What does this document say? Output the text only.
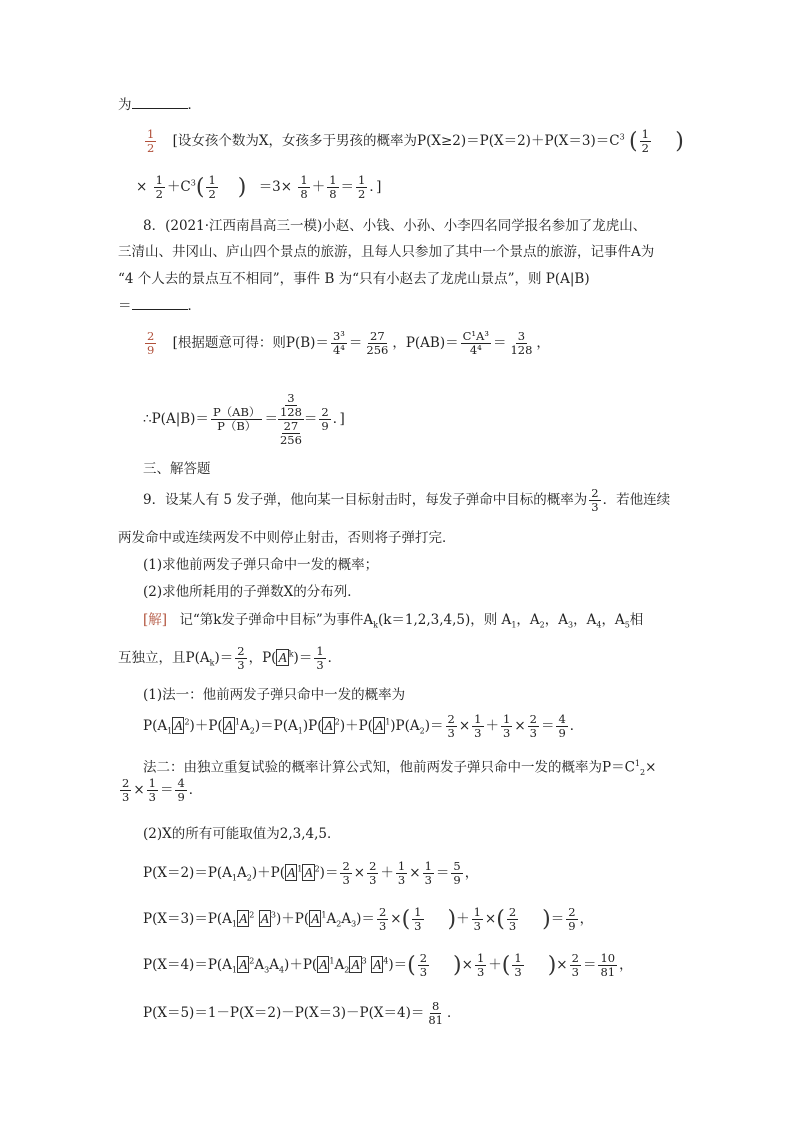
为	．
$\frac{1}{2}$ [设女孩个数为X，女孩多于男孩的概率为$P(X\ge 2)=P(X=2)+P(X=3)=C^3$ ( $\frac{1}{2}$ )
× $\frac{1}{2} +C^3( \frac{1}{2}$ ) $=3\times \frac{1}{8} + \frac{1}{8} = \frac{1}{2}$ ．]
8．(2021·江西南昌高三一模)小赵、小钱、小孙、小李四名同学报名参加了龙虎山、
三清山、井冈山、庐山四个景点的旅游，且每人只参加了其中一个景点的旅游，记事件A为
“4 个人去的景点互不相同”，事件 B 为“只有小赵去了龙虎山景点”，则 P(A|B)
＝	．
$\frac{2}{9}$ [根据题意可得：则$P(B)= \frac{\text{3³}}{\text{4⁴}} = \frac{27}{256}$ ，$P(AB)= \frac{\text{C¹A³}}{\text{4⁴}} = \frac{3}{128}$ ，
∴P(A|B)＝ $\frac{P(AB)}{P(B)} = \frac{\frac{3}{128}}{\frac{27}{256}} = \frac{2}{9}$ ．]
三、解答题
9．设某人有 5 发子弹，他向某一目标射击时，每发子弹命中目标的概率为 $\frac{2}{3}$ ．若他连续
两发命中或连续两发不中则停止射击，否则将子弹打完．
(1)求他前两发子弹只命中一发的概率；
(2)求他所耗用的子弹数X的分布列．
[解] 记“第k发子弹命中目标”为事件$A_k(k=1,2,3,4,5)$，则 $A_1$，$A_2$，$A_3$，$A_4$，$A_5$相
互独立，且$P(A_k)= \frac{2}{3}$ ，P( A $^k)= \frac{1}{3}$ ．
(1)法一：他前两发子弹只命中一发的概率为
$P(A_1$ A $^2$)＋P( A $^1A_2)=P(A_1)P$( A $^2$)＋P( A $^1)P(A_2)= \frac{2}{3} \times \frac{1}{3} + \frac{1}{3} \times \frac{2}{3} = \frac{4}{9}$ ．
法二：由独立重复试验的概率计算公式知，他前两发子弹只命中一发的概率为$P=C^1_2\times$
$\frac{2}{3} \times \frac{1}{3} = \frac{4}{9}$ ．
(2)X的所有可能取值为2,3,4,5．
$P(X=2)=P(A_1A_2)+P$( A $^1$ A $^2)= \frac{2}{3} \times \frac{2}{3} + \frac{1}{3} \times \frac{1}{3} = \frac{5}{9}$ ，
$P(X=3)=P(A_1$ A $^2$ A $^3$)＋P( A $^1A_2A_3)= \frac{2}{3}$ ×( $\frac{1}{3}$ )＋ $\frac{1}{3}$ ×( $\frac{2}{3}$ )＝ $\frac{2}{9}$ ，
$P(X=4)=P(A_1$ A $^2A_3A_4)+P$( A $^1A_2$ A $^3$ A $^4)=( \frac{2}{3}$ )× $\frac{1}{3}$ ＋( $\frac{1}{3}$ )× $\frac{2}{3} = \frac{10}{81}$ ，
$P(X=5)=1-P(X=2)-P(X=3)-P(X=4)= \frac{8}{81}$ ．
